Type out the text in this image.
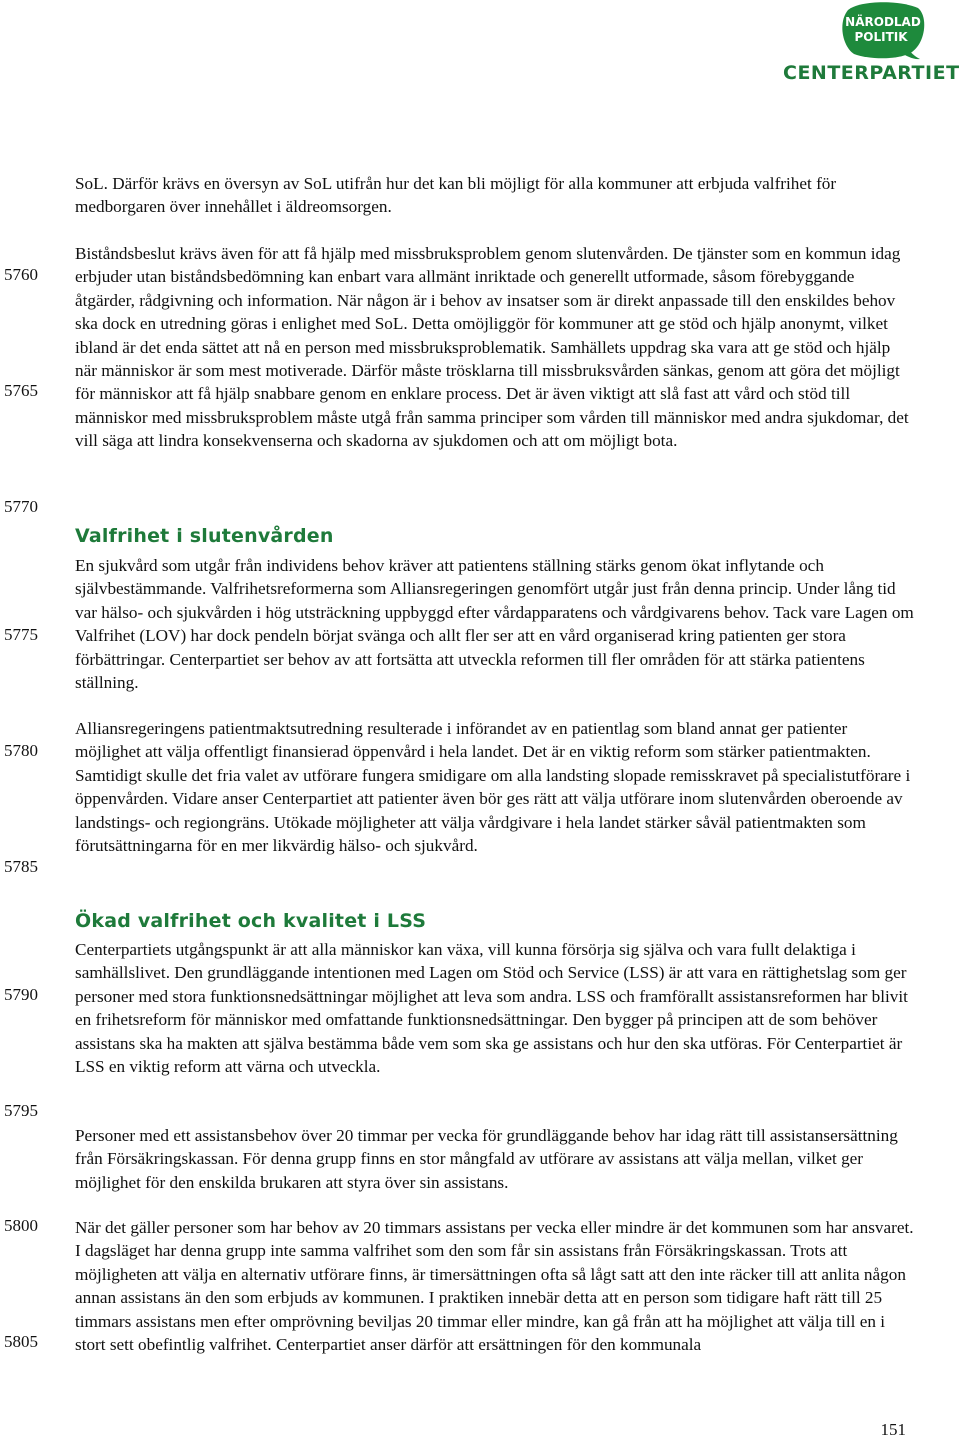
NÄRODLAD
POLITIK
CENTERPARTIET
5760
5765
5770
5775
5780
5785
5790
5795
5800
5805

SoL. Därför krävs en översyn av SoL utifrån hur det kan bli möjligt för alla kommuner att erbjuda valfrihet för medborgaren över innehållet i äldreomsorgen.

Biståndsbeslut krävs även för att få hjälp med missbruksproblem genom slutenvården. De tjänster som en kommun idag erbjuder utan biståndsbedömning kan enbart vara allmänt inriktade och generellt utformade, såsom förebyggande åtgärder, rådgivning och information. När någon är i behov av insatser som är direkt anpassade till den enskildes behov ska dock en utredning göras i enlighet med SoL. Detta omöjliggör för kommuner att ge stöd och hjälp anonymt, vilket ibland är det enda sättet att nå en person med missbruksproblematik. Samhällets uppdrag ska vara att ge stöd och hjälp när människor är som mest motiverade. Därför måste trösklarna till missbruksvården sänkas, genom att göra det möjligt för människor att få hjälp snabbare genom en enklare process. Det är även viktigt att slå fast att vård och stöd till människor med missbruksproblem måste utgå från samma principer som vården till människor med andra sjukdomar, det vill säga att lindra konsekvenserna och skadorna av sjukdomen och att om möjligt bota.

Valfrihet i slutenvården

En sjukvård som utgår från individens behov kräver att patientens ställning stärks genom ökat inflytande och självbestämmande. Valfrihetsreformerna som Alliansregeringen genomfört utgår just från denna princip. Under lång tid var hälso- och sjukvården i hög utsträckning uppbyggd efter vårdapparatens och vårdgivarens behov. Tack vare Lagen om Valfrihet (LOV) har dock pendeln börjat svänga och allt fler ser att en vård organiserad kring patienten ger stora förbättringar. Centerpartiet ser behov av att fortsätta att utveckla reformen till fler områden för att stärka patientens ställning.

Alliansregeringens patientmaktsutredning resulterade i införandet av en patientlag som bland annat ger patienter möjlighet att välja offentligt finansierad öppenvård i hela landet. Det är en viktig reform som stärker patientmakten. Samtidigt skulle det fria valet av utförare fungera smidigare om alla landsting slopade remisskravet på specialistutförare i öppenvården. Vidare anser Centerpartiet att patienter även bör ges rätt att välja utförare inom slutenvården oberoende av landstings- och regiongräns. Utökade möjligheter att välja vårdgivare i hela landet stärker såväl patientmakten som förutsättningarna för en mer likvärdig hälso- och sjukvård.

Ökad valfrihet och kvalitet i LSS

Centerpartiets utgångspunkt är att alla människor kan växa, vill kunna försörja sig själva och vara fullt delaktiga i samhällslivet. Den grundläggande intentionen med Lagen om Stöd och Service (LSS) är att vara en rättighetslag som ger personer med stora funktionsnedsättningar möjlighet att leva som andra. LSS och framförallt assistansreformen har blivit en frihetsreform för människor med omfattande funktionsnedsättningar. Den bygger på principen att de som behöver assistans ska ha makten att själva bestämma både vem som ska ge assistans och hur den ska utföras. För Centerpartiet är LSS en viktig reform att värna och utveckla.

Personer med ett assistansbehov över 20 timmar per vecka för grundläggande behov har idag rätt till assistansersättning från Försäkringskassan. För denna grupp finns en stor mångfald av utförare av assistans att välja mellan, vilket ger möjlighet för den enskilda brukaren att styra över sin assistans.

När det gäller personer som har behov av 20 timmars assistans per vecka eller mindre är det kommunen som har ansvaret. I dagsläget har denna grupp inte samma valfrihet som den som får sin assistans från Försäkringskassan. Trots att möjligheten att välja en alternativ utförare finns, är timersättningen ofta så lågt satt att den inte räcker till att anlita någon annan assistans än den som erbjuds av kommunen. I praktiken innebär detta att en person som tidigare haft rätt till 25 timmars assistans men efter omprövning beviljas 20 timmar eller mindre, kan gå från att ha möjlighet att välja till en i stort sett obefintlig valfrihet. Centerpartiet anser därför att ersättningen för den kommunala

151
